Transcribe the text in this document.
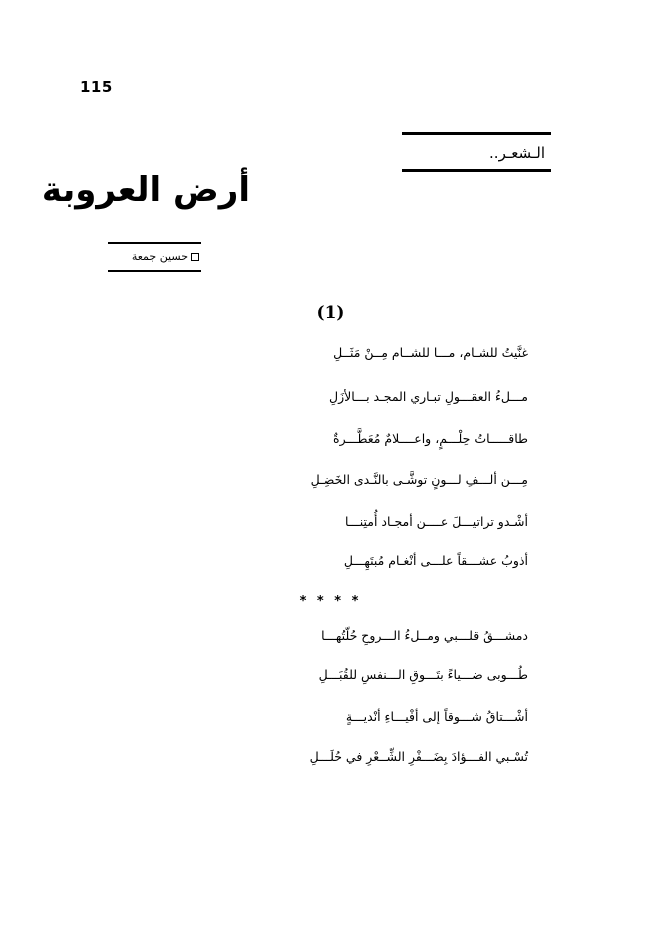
115
الـشعـر..
أرض العروبة
حسين جمعة
(1)
غنَّيتُ للشـام، مـــا للشــام مِــنْ مَثَــلِ
مـــلءُ العقـــولِ تبـاري المجـد بـــالأزَلِ
طاقـــــاتُ حِلْـــمٍ، واعــــلامٌ مُعَطَّـــرةٌ
مِـــن ألـــفِ لـــونٍ توشَّـى بالنَّـدى الخَضِـلِ
أشْـدو تراتيـــلَ عــــن أمجـاد أُمتِنـــا
أذوبُ عشـــقاً علـــى أنْغـام مُبتَهِـــلِ
* * * *
دمشـــقُ قلـــبي ومــلءُ الـــروحِ حُلّتُهـــا
طُـــوبى ضـــياءً بتَـــوقِ الـــنفسِ للقُبَـــلِ
أشْـــتاقُ شـــوقاً إلى أفْيـــاءِ أنْديـــةٍ
تُسْـبي الفـــؤادَ بِضَـــفْرِ الشِّــعْرِ في حُلَـــلِ
